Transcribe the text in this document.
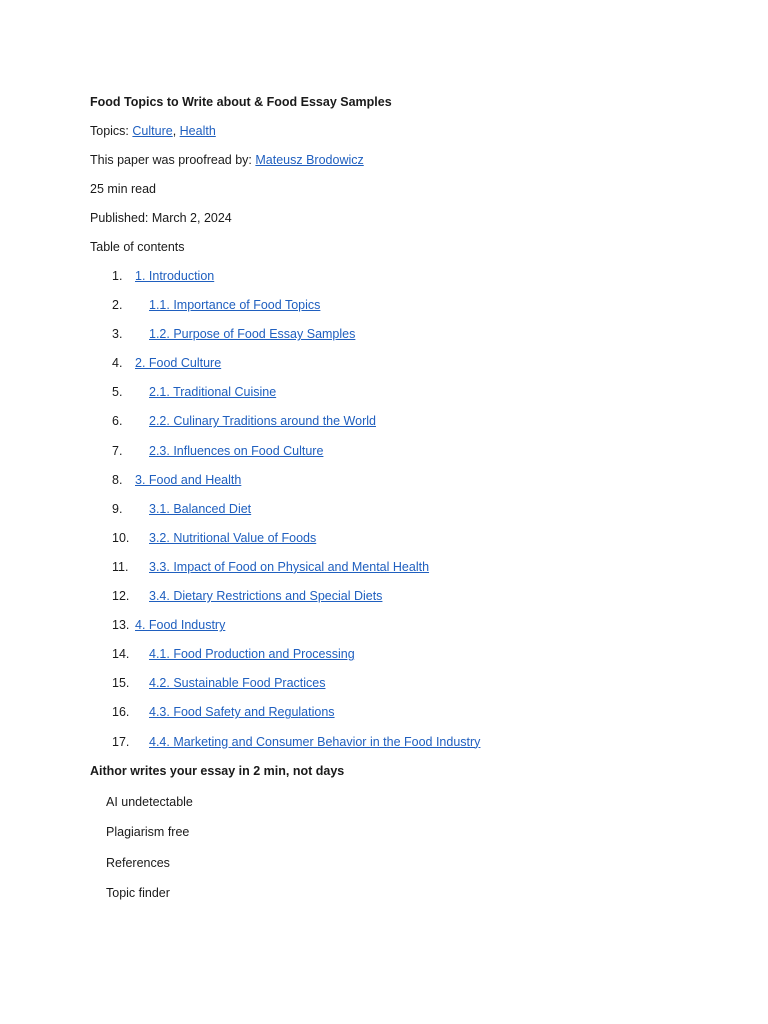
Food Topics to Write about & Food Essay Samples
Topics: Culture, Health
This paper was proofread by: Mateusz Brodowicz
25 min read
Published: March 2, 2024
Table of contents
1.	1. Introduction
2.	1.1. Importance of Food Topics
3.	1.2. Purpose of Food Essay Samples
4.	2. Food Culture
5.	2.1. Traditional Cuisine
6.	2.2. Culinary Traditions around the World
7.	2.3. Influences on Food Culture
8.	3. Food and Health
9.	3.1. Balanced Diet
10.	3.2. Nutritional Value of Foods
11.	3.3. Impact of Food on Physical and Mental Health
12.	3.4. Dietary Restrictions and Special Diets
13. 4. Food Industry
14.	4.1. Food Production and Processing
15.	4.2. Sustainable Food Practices
16.	4.3. Food Safety and Regulations
17.	4.4. Marketing and Consumer Behavior in the Food Industry
Aithor writes your essay in 2 min, not days
AI undetectable
Plagiarism free
References
Topic finder
